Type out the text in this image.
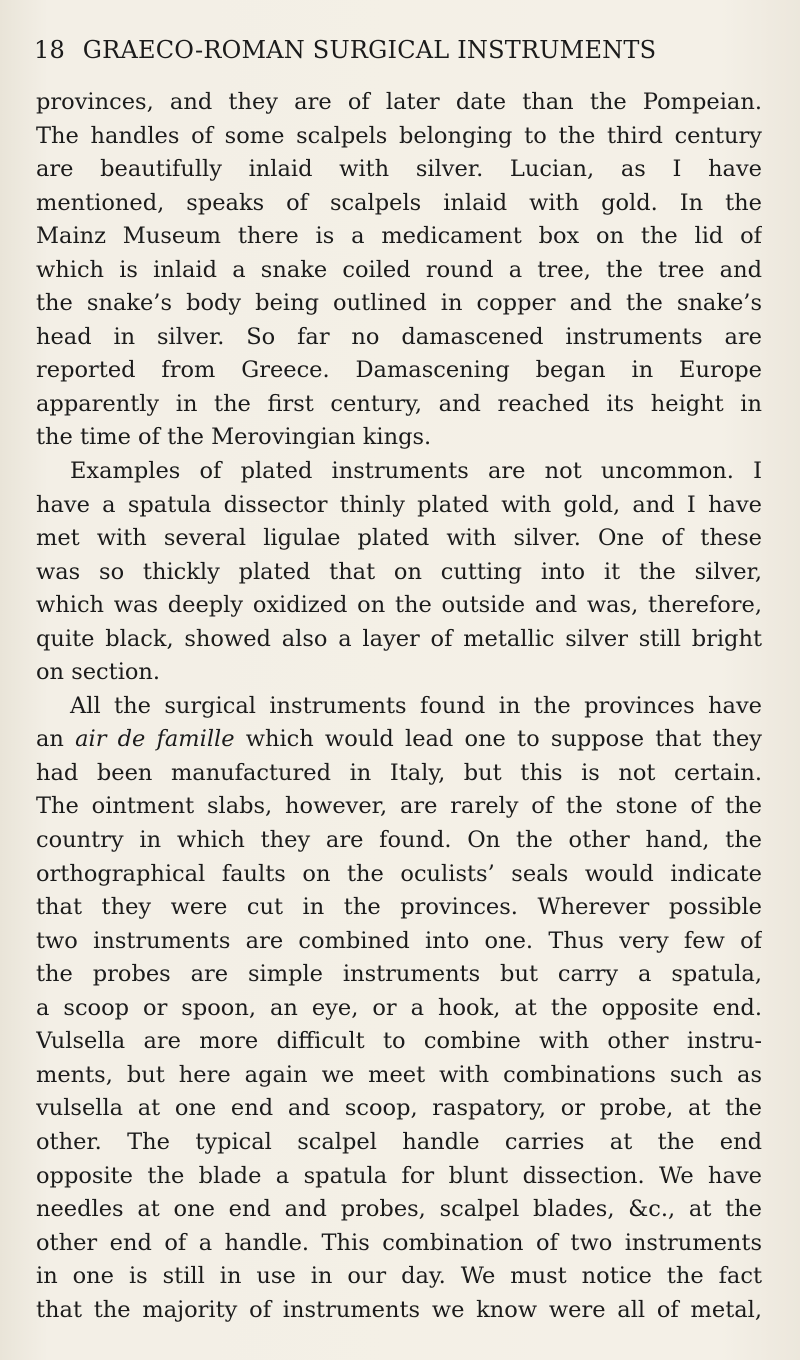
18 GRAECO-ROMAN SURGICAL INSTRUMENTS
provinces, and they are of later date than the Pompeian.
The handles of some scalpels belonging to the third century
are beautifully inlaid with silver. Lucian, as I have
mentioned, speaks of scalpels inlaid with gold. In the
Mainz Museum there is a medicament box on the lid of
which is inlaid a snake coiled round a tree, the tree and
the snake’s body being outlined in copper and the snake’s
head in silver. So far no damascened instruments are
reported from Greece. Damascening began in Europe
apparently in the first century, and reached its height in
the time of the Merovingian kings.
Examples of plated instruments are not uncommon. I
have a spatula dissector thinly plated with gold, and I have
met with several ligulae plated with silver. One of these
was so thickly plated that on cutting into it the silver,
which was deeply oxidized on the outside and was, therefore,
quite black, showed also a layer of metallic silver still bright
on section.
All the surgical instruments found in the provinces have
an air de famille which would lead one to suppose that they
had been manufactured in Italy, but this is not certain.
The ointment slabs, however, are rarely of the stone of the
country in which they are found. On the other hand, the
orthographical faults on the oculists’ seals would indicate
that they were cut in the provinces. Wherever possible
two instruments are combined into one. Thus very few of
the probes are simple instruments but carry a spatula,
a scoop or spoon, an eye, or a hook, at the opposite end.
Vulsella are more difficult to combine with other instru-
ments, but here again we meet with combinations such as
vulsella at one end and scoop, raspatory, or probe, at the
other. The typical scalpel handle carries at the end
opposite the blade a spatula for blunt dissection. We have
needles at one end and probes, scalpel blades, &c., at the
other end of a handle. This combination of two instruments
in one is still in use in our day. We must notice the fact
that the majority of instruments we know were all of metal,
